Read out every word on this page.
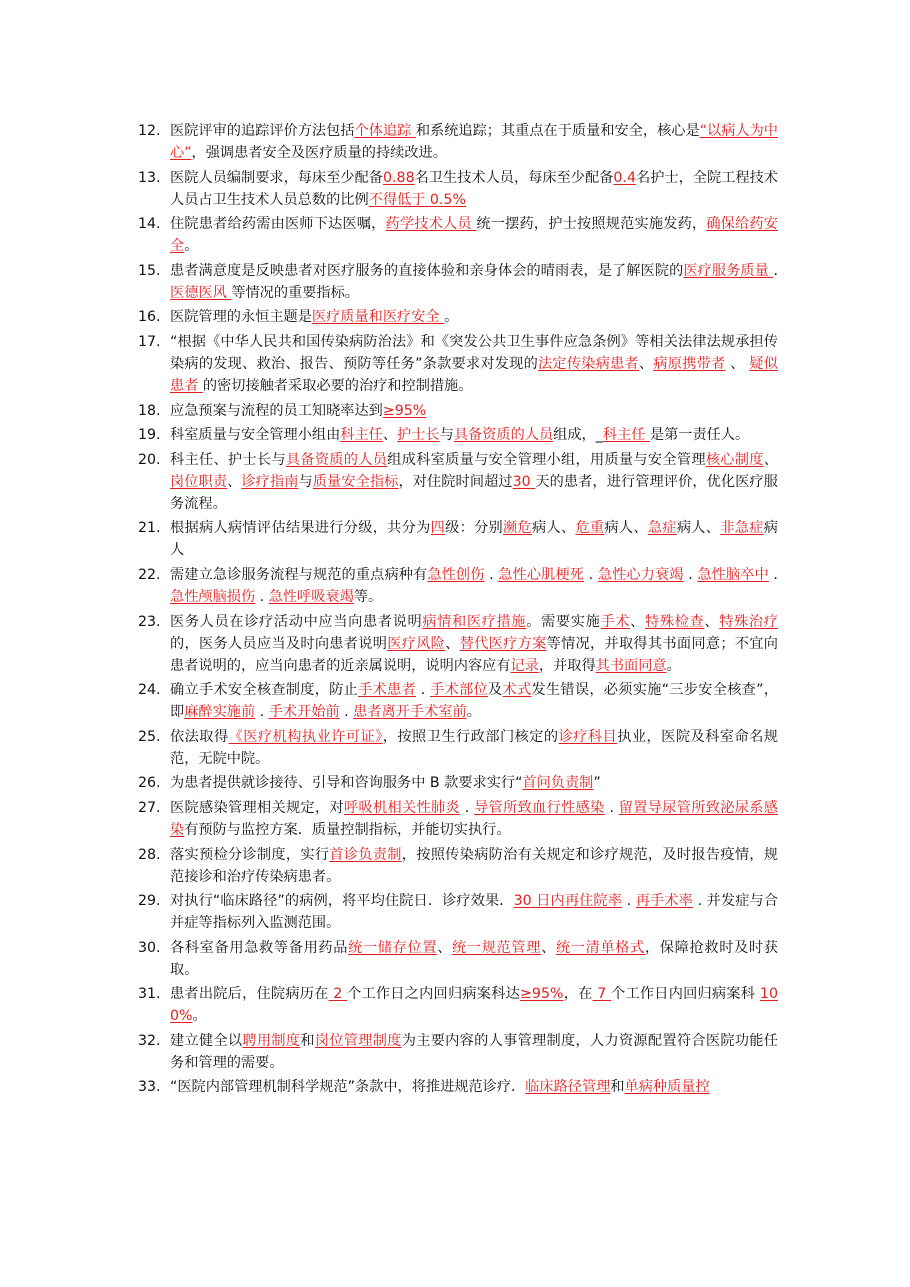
12. 医院评审的追踪评价方法包括个体追踪 和系统追踪；其重点在于质量和安全，核心是“以病人为中心”，强调患者安全及医疗质量的持续改进。
13. 医院人员编制要求，每床至少配备0.88名卫生技术人员，每床至少配备0.4名护士，全院工程技术人员占卫生技术人员总数的比例不得低于 0.5%
14. 住院患者给药需由医师下达医嘱，药学技术人员 统一摆药，护士按照规范实施发药，确保给药安全。
15. 患者满意度是反映患者对医疗服务的直接体验和亲身体会的晴雨表，是了解医院的医疗服务质量 . 医德医风 等情况的重要指标。
16. 医院管理的永恒主题是医疗质量和医疗安全 。
17. “根据《中华人民共和国传染病防治法》和《突发公共卫生事件应急条例》等相关法律法规承担传染病的发现、救治、报告、预防等任务”条款要求对发现的法定传染病患者、病原携带者 、 疑似患者 的密切接触者采取必要的治疗和控制措施。
18. 应急预案与流程的员工知晓率达到≥95%
19. 科室质量与安全管理小组由科主任、护士长与具备资质的人员组成，_科主任 是第一责任人。
20. 科主任、护士长与具备资质的人员组成科室质量与安全管理小组，用质量与安全管理核心制度、岗位职责、诊疗指南与质量安全指标，对住院时间超过30 天的患者，进行管理评价，优化医疗服务流程。
21. 根据病人病情评估结果进行分级，共分为四级：分别濒危病人、危重病人、急症病人、非急症病人
22. 需建立急诊服务流程与规范的重点病种有急性创伤 . 急性心肌梗死 . 急性心力衰竭 . 急性脑卒中 . 急性颅脑损伤 . 急性呼吸衰竭等。
23. 医务人员在诊疗活动中应当向患者说明病情和医疗措施。需要实施手术、特殊检查、特殊治疗的，医务人员应当及时向患者说明医疗风险、替代医疗方案等情况，并取得其书面同意；不宜向患者说明的，应当向患者的近亲属说明，说明内容应有记录，并取得其书面同意。
24. 确立手术安全核查制度，防止手术患者 . 手术部位及术式发生错误，必须实施“三步安全核查”，即麻醉实施前 . 手术开始前 . 患者离开手术室前。
25. 依法取得《医疗机构执业许可证》，按照卫生行政部门核定的诊疗科目执业，医院及科室命名规范，无院中院。
26. 为患者提供就诊接待、引导和咨询服务中 B 款要求实行“首问负责制”
27. 医院感染管理相关规定，对呼吸机相关性肺炎 . 导管所致血行性感染 . 留置导尿管所致泌尿系感染有预防与监控方案．质量控制指标，并能切实执行。
28. 落实预检分诊制度，实行首诊负责制，按照传染病防治有关规定和诊疗规范，及时报告疫情，规范接诊和治疗传染病患者。
29. 对执行“临床路径”的病例，将平均住院日．诊疗效果．30 日内再住院率 . 再手术率 . 并发症与合并症等指标列入监测范围。
30. 各科室备用急救等备用药品统一储存位置、统一规范管理、统一清单格式，保障抢救时及时获取。
31. 患者出院后，住院病历在 2 个工作日之内回归病案科达≥95%，在 7 个工作日内回归病案科 100%。
32. 建立健全以聘用制度和岗位管理制度为主要内容的人事管理制度，人力资源配置符合医院功能任务和管理的需要。
33. “医院内部管理机制科学规范”条款中，将推进规范诊疗．临床路径管理和单病种质量控
